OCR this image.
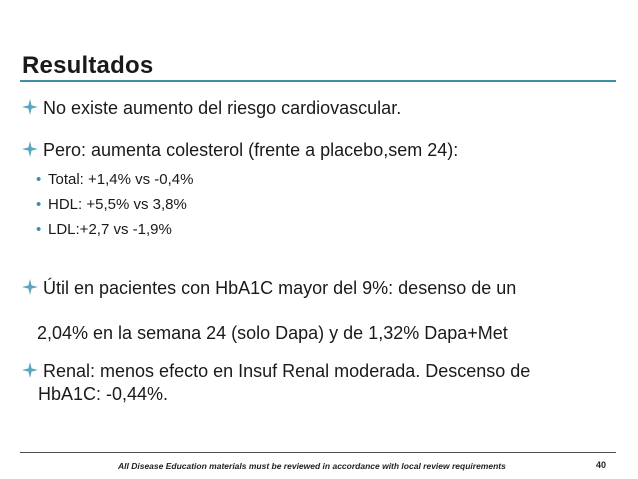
Resultados
No existe aumento del riesgo cardiovascular.
Pero: aumenta colesterol (frente a placebo,sem 24):
• Total: +1,4% vs -0,4%
• HDL: +5,5% vs 3,8%
• LDL:+2,7 vs -1,9%
Útil en pacientes con HbA1C mayor del 9%: desenso de un
2,04% en la semana 24 (solo Dapa) y de 1,32% Dapa+Met
Renal: menos efecto en Insuf Renal moderada. Descenso de
HbA1C: -0,44%.
All Disease Education materials must be reviewed in accordance with local review requirements	40
